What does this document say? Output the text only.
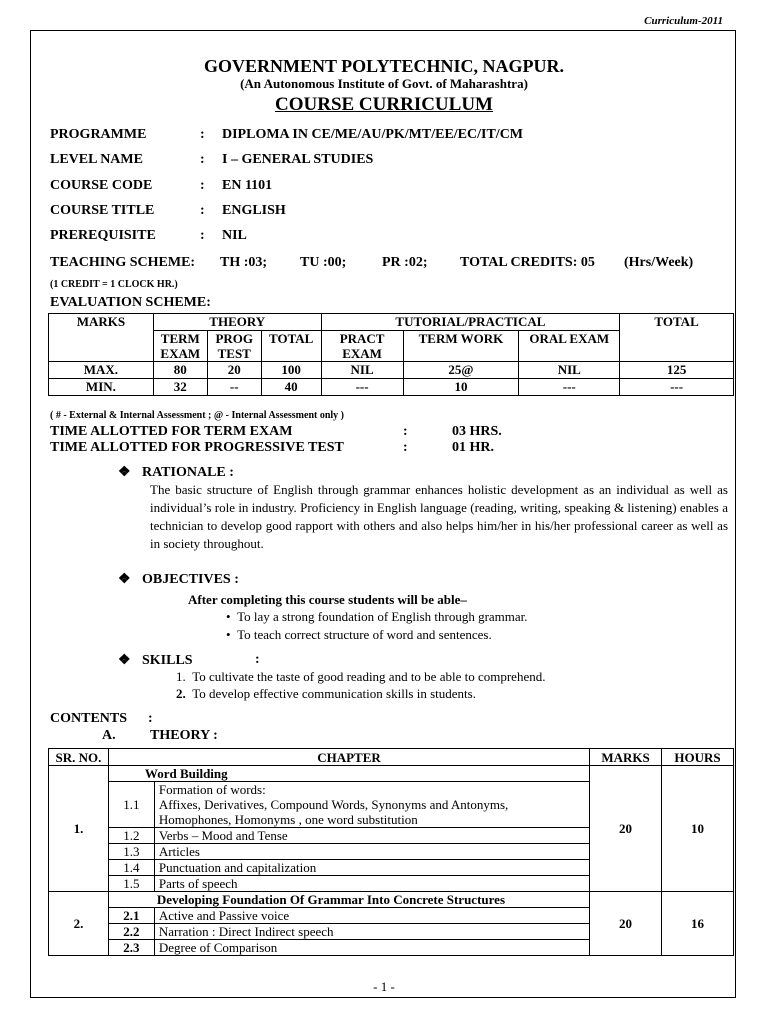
Curriculum-2011
GOVERNMENT POLYTECHNIC, NAGPUR.
(An Autonomous Institute of Govt. of Maharashtra)
COURSE CURRICULUM
PROGRAMME	: DIPLOMA IN CE/ME/AU/PK/MT/EE/EC/IT/CM
LEVEL NAME	: I – GENERAL STUDIES
COURSE CODE	: EN 1101
COURSE TITLE	: ENGLISH
PREREQUISITE	: NIL
TEACHING SCHEME: TH :03; TU :00;	PR :02; TOTAL CREDITS: 05 (Hrs/Week)
(1 CREDIT = 1 CLOCK HR.)
EVALUATION SCHEME:
MARKS	THEORY			TUTORIAL/PRACTICAL			TOTAL
	TERM EXAM	PROG TEST	TOTAL	PRACT EXAM	TERM WORK	ORAL EXAM	
MAX.	80	20	100	NIL	25@	NIL	125
MIN.	32	--	40	---	10	---	---
( # - External & Internal Assessment ; @ - Internal Assessment only )
TIME ALLOTTED FOR TERM EXAM	:	03 HRS.
TIME ALLOTTED FOR PROGRESSIVE TEST	:	01 HR.
❖ RATIONALE :
The basic structure of English through grammar enhances holistic development as an individual as well as individual’s role in industry. Proficiency in English language (reading, writing, speaking & listening) enables a technician to develop good rapport with others and also helps him/her in his/her professional career as well as in society throughout.
❖ OBJECTIVES :
After completing this course students will be able–
• To lay a strong foundation of English through grammar.
• To teach correct structure of word and sentences.
❖ SKILLS	:
1. To cultivate the taste of good reading and to be able to comprehend.
2. To develop effective communication skills in students.
CONTENTS :
A. THEORY :
SR. NO.	CHAPTER		MARKS	HOURS
1.	Word Building		20	10
	1.1	Formation of words:
Affixes, Derivatives, Compound Words, Synonyms and Antonyms,
Homophones, Homonyms , one word substitution		

	1.2	Verbs – Mood and Tense		
	1.3	Articles		
	1.4	Punctuation and capitalization		
	1.5	Parts of speech		
2.	Developing Foundation Of Grammar Into Concrete Structures		20	16
	2.1	Active and Passive voice		
	2.2	Narration : Direct Indirect speech		
	2.3	Degree of Comparison		
- 1 -
